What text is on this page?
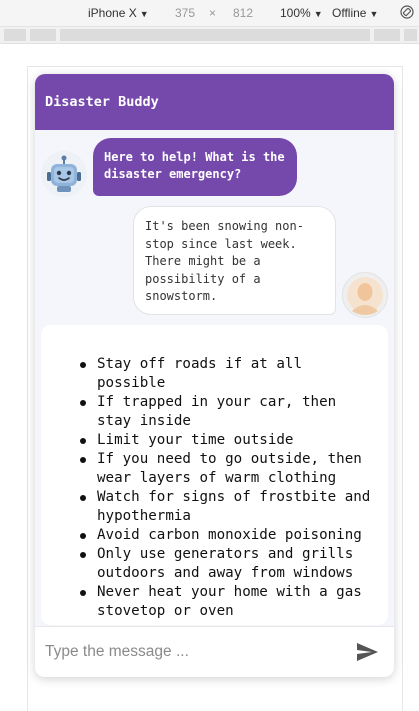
iPhone X ▼ 375 × 812 100% ▼ Offline ▼
Disaster Buddy
Here to help! What is the disaster emergency?
It's been snowing non-stop since last week. There might be a possibility of a snowstorm.
Stay off roads if at all possible
If trapped in your car, then stay inside
Limit your time outside
If you need to go outside, then wear layers of warm clothing
Watch for signs of frostbite and hypothermia
Avoid carbon monoxide poisoning
Only use generators and grills outdoors and away from windows
Never heat your home with a gas stovetop or oven
Type the message ...
